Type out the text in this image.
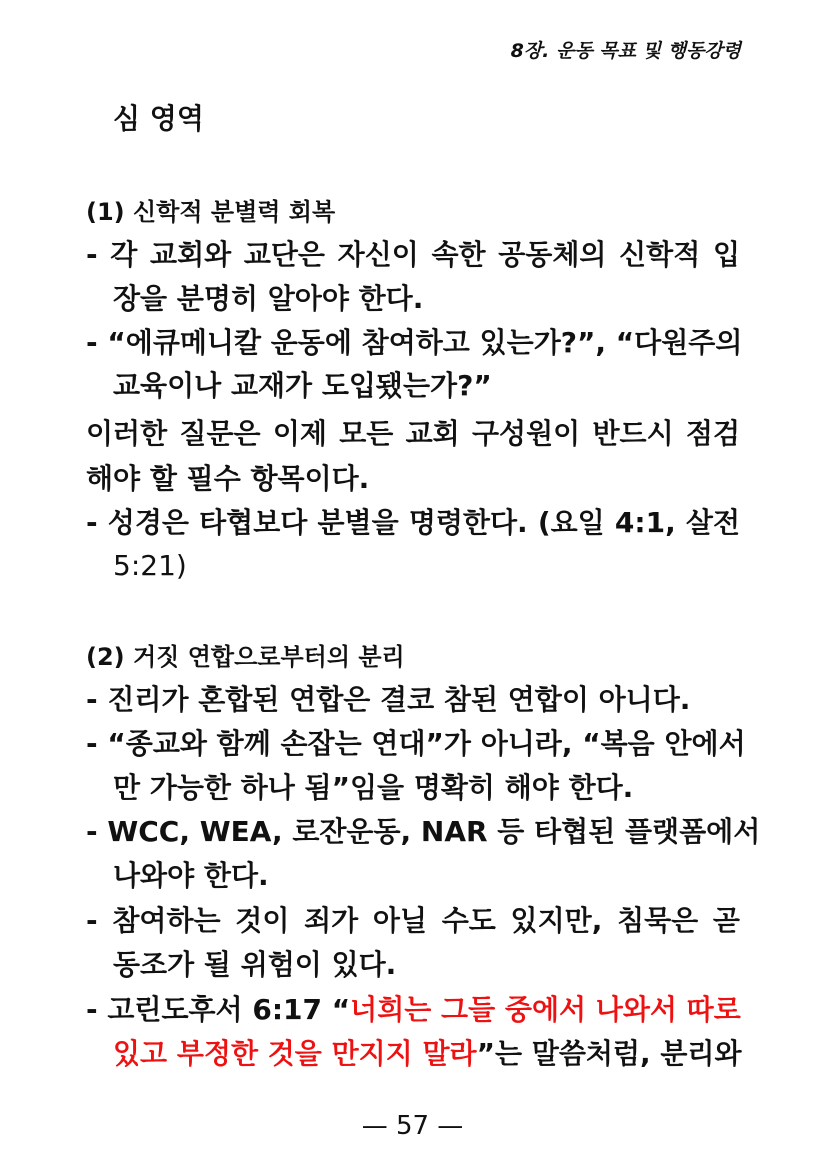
8장. 운동 목표 및 행동강령
심 영역
(1) 신학적 분별력 회복
- 각 교회와 교단은 자신이 속한 공동체의 신학적 입
장을 분명히 알아야 한다.
- “에큐메니칼 운동에 참여하고 있는가?”, “다원주의
교육이나 교재가 도입됐는가?”
이러한 질문은 이제 모든 교회 구성원이 반드시 점검
해야 할 필수 항목이다.
- 성경은 타협보다 분별을 명령한다. (요일 4:1, 살전
5:21)
(2) 거짓 연합으로부터의 분리
- 진리가 혼합된 연합은 결코 참된 연합이 아니다.
- “종교와 함께 손잡는 연대”가 아니라, “복음 안에서
만 가능한 하나 됨”임을 명확히 해야 한다.
- WCC, WEA, 로잔운동, NAR 등 타협된 플랫폼에서
나와야 한다.
- 참여하는 것이 죄가 아닐 수도 있지만, 침묵은 곧
동조가 될 위험이 있다.
- 고린도후서 6:17 “너희는 그들 중에서 나와서 따로
있고 부정한 것을 만지지 말라”는 말씀처럼, 분리와
— 57 —
